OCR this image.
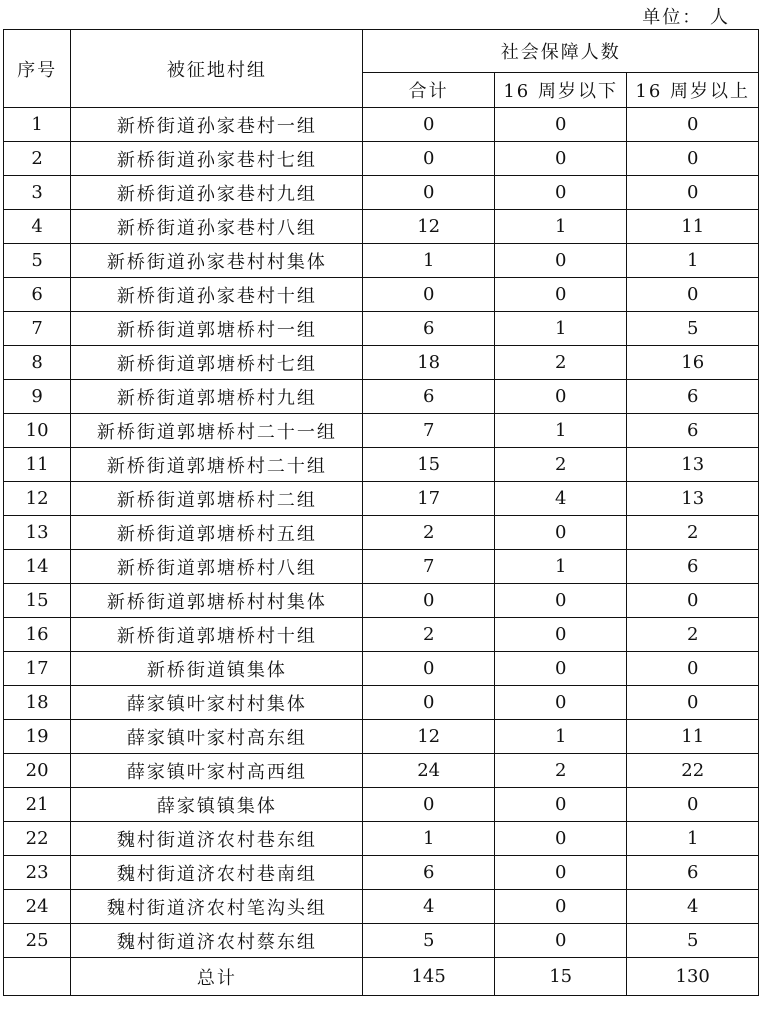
单位： 人
序号	被征地村组	社会保障人数		
		合计	16 周岁以下	16 周岁以上
1	新桥街道孙家巷村一组	0	0	0
2	新桥街道孙家巷村七组	0	0	0
3	新桥街道孙家巷村九组	0	0	0
4	新桥街道孙家巷村八组	12	1	11
5	新桥街道孙家巷村村集体	1	0	1
6	新桥街道孙家巷村十组	0	0	0
7	新桥街道郭塘桥村一组	6	1	5
8	新桥街道郭塘桥村七组	18	2	16
9	新桥街道郭塘桥村九组	6	0	6
10	新桥街道郭塘桥村二十一组	7	1	6
11	新桥街道郭塘桥村二十组	15	2	13
12	新桥街道郭塘桥村二组	17	4	13
13	新桥街道郭塘桥村五组	2	0	2
14	新桥街道郭塘桥村八组	7	1	6
15	新桥街道郭塘桥村村集体	0	0	0
16	新桥街道郭塘桥村十组	2	0	2
17	新桥街道镇集体	0	0	0
18	薛家镇叶家村村集体	0	0	0
19	薛家镇叶家村高东组	12	1	11
20	薛家镇叶家村高西组	24	2	22
21	薛家镇镇集体	0	0	0
22	魏村街道济农村巷东组	1	0	1
23	魏村街道济农村巷南组	6	0	6
24	魏村街道济农村笔沟头组	4	0	4
25	魏村街道济农村蔡东组	5	0	5
	总计	145	15	130
